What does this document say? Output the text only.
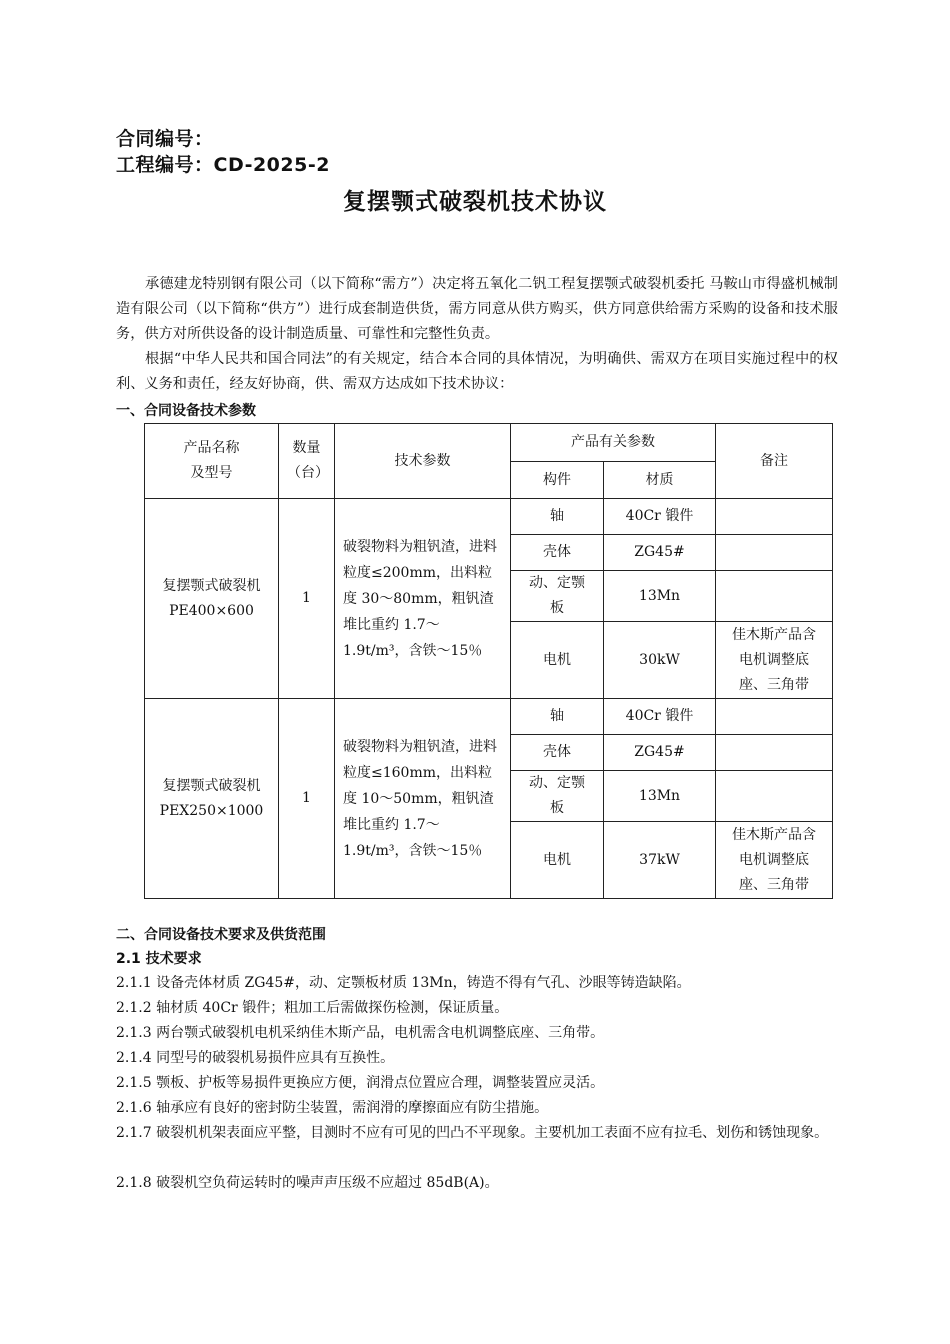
合同编号：
工程编号：CD-2025-2
复摆颚式破裂机技术协议
承德建龙特别钢有限公司（以下简称“需方”）决定将五氧化二钒工程复摆颚式破裂机委托 马鞍山市得盛机械制造有限公司（以下简称“供方”）进行成套制造供货，需方同意从供方购买，供方同意供给需方采购的设备和技术服务，供方对所供设备的设计制造质量、可靠性和完整性负责。
根据“中华人民共和国合同法”的有关规定，结合本合同的具体情况，为明确供、需双方在项目实施过程中的权利、义务和责任，经友好协商，供、需双方达成如下技术协议：
一、合同设备技术参数
产品名称
及型号	数量（台）	技术参数	产品有关参数		备注
			构件	材质	

复摆颚式破裂机
PE400×600	1	破裂物料为粗钒渣，进料粒度≤200mm，出料粒度 30～80mm，粗钒渣堆比重约 1.7～1.9t/m³，含铁～15％	轴	40Cr 锻件	
			壳体	ZG45#	
			动、定颚板	13Mn	
			电机	30kW	佳木斯产品含电机调整底座、三角带

复摆颚式破裂机
PEX250×1000	1	破裂物料为粗钒渣，进料粒度≤160mm，出料粒度 10～50mm，粗钒渣堆比重约 1.7～1.9t/m³，含铁～15％	轴	40Cr 锻件	
			壳体	ZG45#	
			动、定颚板	13Mn	
			电机	37kW	佳木斯产品含电机调整底座、三角带
二、合同设备技术要求及供货范围
2.1 技术要求
2.1.1 设备壳体材质 ZG45#，动、定颚板材质 13Mn，铸造不得有气孔、沙眼等铸造缺陷。
2.1.2 轴材质 40Cr 锻件；粗加工后需做探伤检测，保证质量。
2.1.3 两台颚式破裂机电机采纳佳木斯产品，电机需含电机调整底座、三角带。
2.1.4 同型号的破裂机易损件应具有互换性。
2.1.5 颚板、护板等易损件更换应方便，润滑点位置应合理，调整装置应灵活。
2.1.6 轴承应有良好的密封防尘装置，需润滑的摩擦面应有防尘措施。
2.1.7 破裂机机架表面应平整，目测时不应有可见的凹凸不平现象。主要机加工表面不应有拉毛、划伤和锈蚀现象。
2.1.8 破裂机空负荷运转时的噪声声压级不应超过 85dB(A)。
